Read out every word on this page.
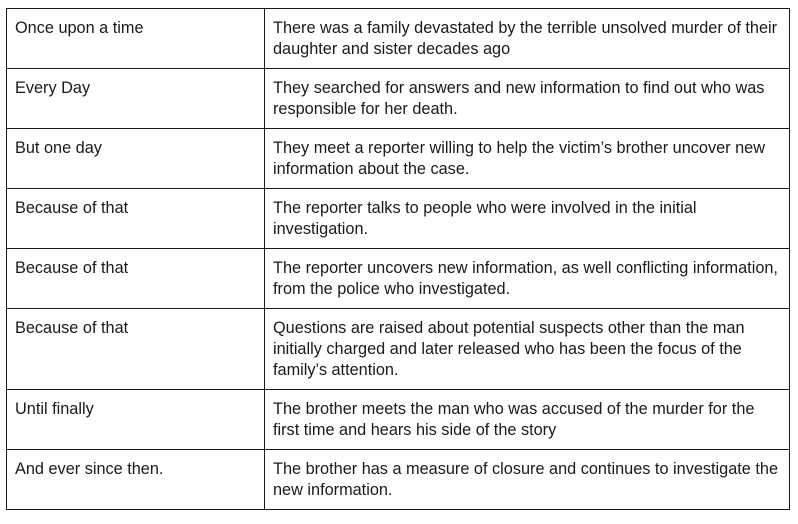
Once upon a time	There was a family devastated by the terrible unsolved murder of their daughter and sister decades ago
Every Day	They searched for answers and new information to find out who was responsible for her death.
But one day	They meet a reporter willing to help the victim’s brother uncover new information about the case.
Because of that	The reporter talks to people who were involved in the initial investigation.
Because of that	The reporter uncovers new information, as well conflicting information, from the police who investigated.
Because of that	Questions are raised about potential suspects other than the man initially charged and later released who has been the focus of the family’s attention.
Until finally	The brother meets the man who was accused of the murder for the first time and hears his side of the story
And ever since then.	The brother has a measure of closure and continues to investigate the new information.
